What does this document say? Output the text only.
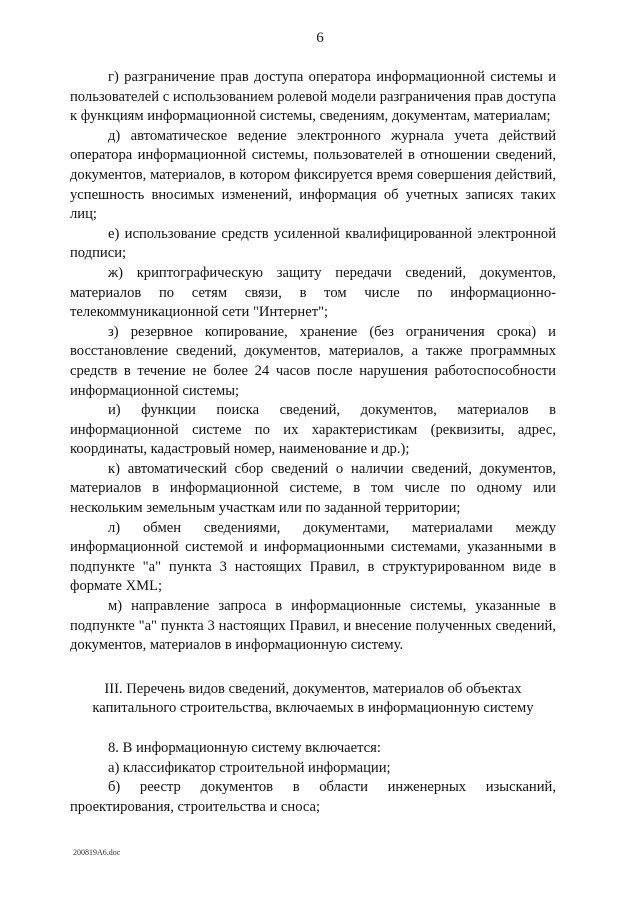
6

г) разграничение прав доступа оператора информационной системы и пользователей с использованием ролевой модели разграничения прав доступа к функциям информационной системы, сведениям, документам, материалам;

д) автоматическое ведение электронного журнала учета действий оператора информационной системы, пользователей в отношении сведений, документов, материалов, в котором фиксируется время совершения действий, успешность вносимых изменений, информация об учетных записях таких лиц;

е) использование средств усиленной квалифицированной электронной подписи;

ж) криптографическую защиту передачи сведений, документов, материалов по сетям связи, в том числе по информационно-телекоммуникационной сети "Интернет";

з) резервное копирование, хранение (без ограничения срока) и восстановление сведений, документов, материалов, а также программных средств в течение не более 24 часов после нарушения работоспособности информационной системы;

и) функции поиска сведений, документов, материалов в информационной системе по их характеристикам (реквизиты, адрес, координаты, кадастровый номер, наименование и др.);

к) автоматический сбор сведений о наличии сведений, документов, материалов в информационной системе, в том числе по одному или нескольким земельным участкам или по заданной территории;

л) обмен сведениями, документами, материалами между информационной системой и информационными системами, указанными в подпункте "а" пункта 3 настоящих Правил, в структурированном виде в формате XML;

м) направление запроса в информационные системы, указанные в подпункте "а" пункта 3 настоящих Правил, и внесение полученных сведений, документов, материалов в информационную систему.

III. Перечень видов сведений, документов, материалов об объектах капитального строительства, включаемых в информационную систему

8. В информационную систему включается:

а) классификатор строительной информации;

б) реестр документов в области инженерных изысканий, проектирования, строительства и сноса;

200819А6.doc
